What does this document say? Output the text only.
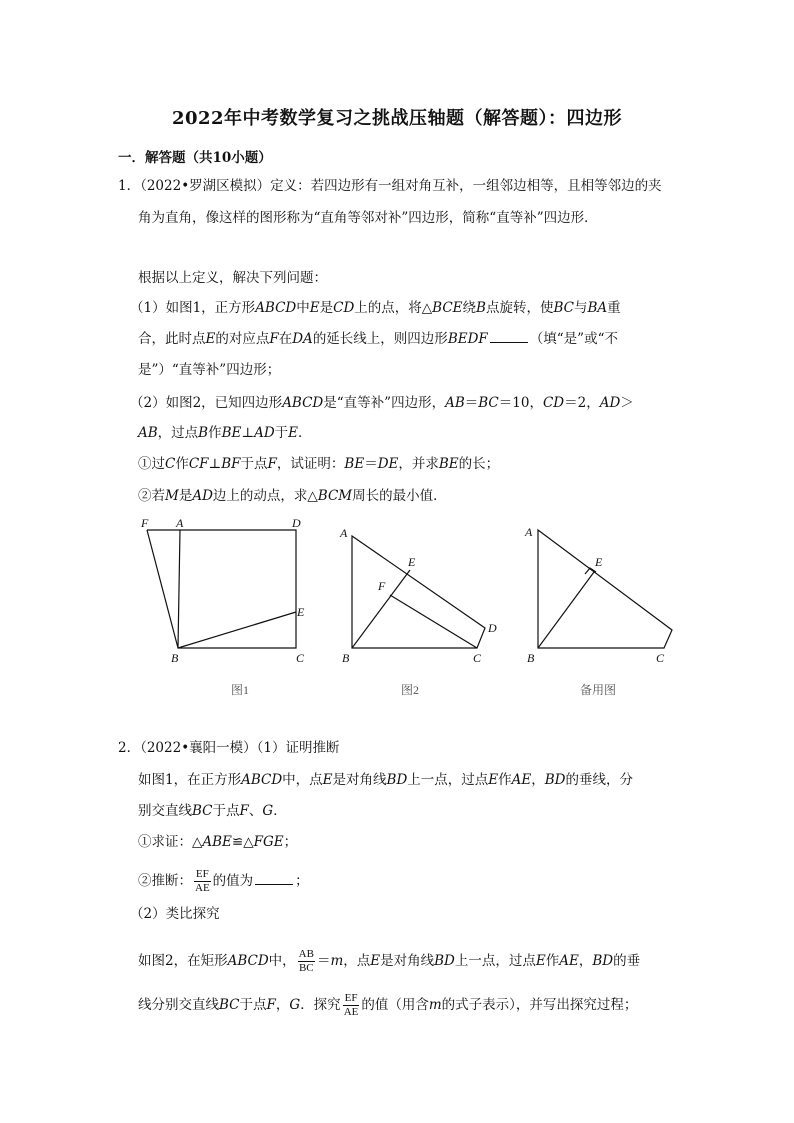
2022年中考数学复习之挑战压轴题（解答题）：四边形
一．解答题（共10小题）
1．（2022•罗湖区模拟）定义：若四边形有一组对角互补，一组邻边相等，且相等邻边的夹
角为直角，像这样的图形称为“直角等邻对补”四边形，简称“直等补”四边形．
根据以上定义，解决下列问题：
（1）如图1，正方形ABCD中E是CD上的点，将△BCE绕B点旋转，使BC与BA重
合，此时点E的对应点F在DA的延长线上，则四边形BEDF	（填“是”或“不
是”）“直等补”四边形；
（2）如图2，已知四边形ABCD是“直等补”四边形，AB＝BC＝10，CD＝2，AD＞
AB，过点B作BE⊥AD于E．
①过C作CF⊥BF于点F，试证明：BE＝DE，并求BE的长；
②若M是AD边上的动点，求△BCM周长的最小值．
F A	D
E
B	C
图1
A
E
F
D
B	C
图2
A
E
B	C
备用图
2．（2022•襄阳一模）（1）证明推断
如图1，在正方形ABCD中，点E是对角线BD上一点，过点E作AE，BD的垂线，分
别交直线BC于点F、G．
①求证：△ABE≌△FGE；
②推断： $\frac{EF}{AE}$ 的值为	；
（2）类比探究
如图2，在矩形ABCD中， $\frac{AB}{BC} =m$，点E是对角线BD上一点，过点E作AE，BD的垂
线分别交直线BC于点F，G．探究 $\frac{EF}{AE}$ 的值（用含m的式子表示），并写出探究过程；
